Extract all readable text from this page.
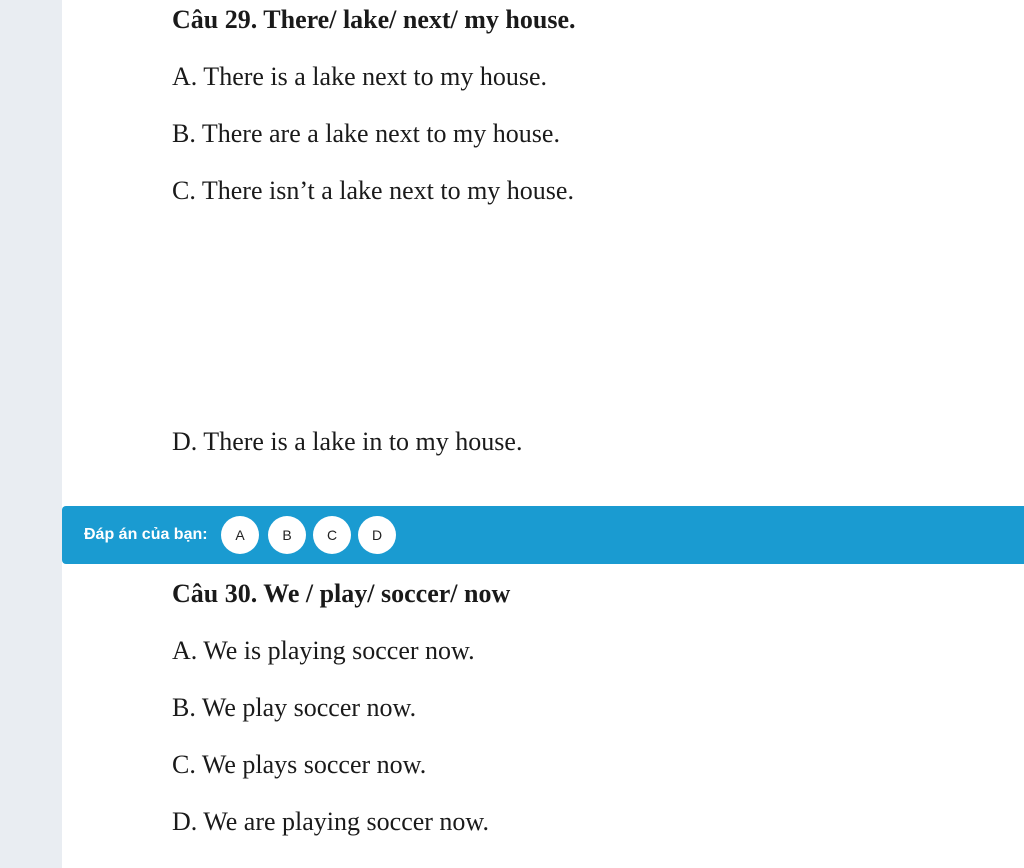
Câu 29. There/ lake/ next/ my house.
A. There is a lake next to my house.
B. There are a lake next to my house.
C. There isn’t a lake next to my house.
D. There is a lake in to my house.
Đáp án của bạn:	A	B	C	D
Câu 30. We / play/ soccer/ now
A. We is playing soccer now.
B. We play soccer now.
C. We plays soccer now.
D. We are playing soccer now.
